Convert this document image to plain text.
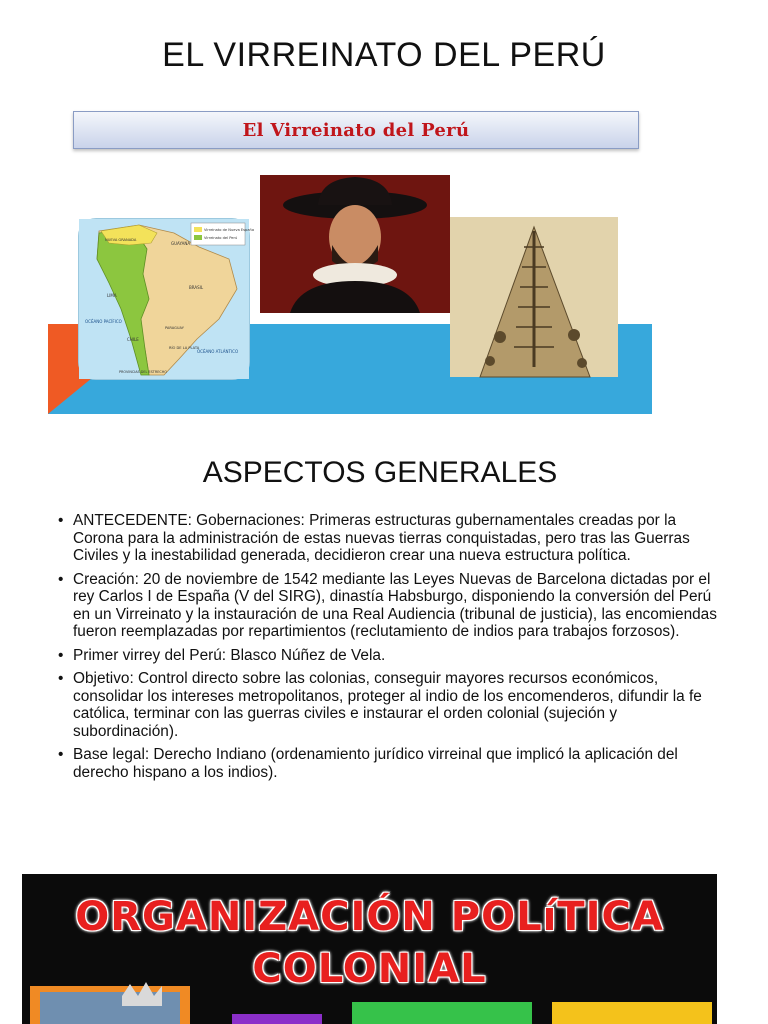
EL VIRREINATO DEL PERÚ
El Virreinato del Perú
Virreinato de Nueva España
Virreinato del Perú
GUAYANA
NUEVA GRANADA
LIMA
CHILE
OCÉANO PACÍFICO
OCÉANO ATLÁNTICO
BRASIL
PARAGUAY
RÍO DE LA PLATA
PROVINCIAS DEL ESTRECHO
ASPECTOS GENERALES
• ANTECEDENTE: Gobernaciones: Primeras estructuras gubernamentales creadas por la Corona para la administración de estas nuevas tierras conquistadas, pero tras las Guerras Civiles y la inestabilidad generada, decidieron crear una nueva estructura política.
• Creación: 20 de noviembre de 1542 mediante las Leyes Nuevas de Barcelona dictadas por el rey Carlos I de España (V del SIRG), dinastía Habsburgo, disponiendo la conversión del Perú en un Virreinato y la instauración de una Real Audiencia (tribunal de justicia), las encomiendas fueron reemplazadas por repartimientos (reclutamiento de indios para trabajos forzosos).
• Primer virrey del Perú: Blasco Núñez de Vela.
• Objetivo: Control directo sobre las colonias, conseguir mayores recursos económicos, consolidar los intereses metropolitanos, proteger al indio de los encomenderos, difundir la fe católica, terminar con las guerras civiles e instaurar el orden colonial (sujeción y subordinación).
• Base legal: Derecho Indiano (ordenamiento jurídico virreinal que implicó la aplicación del derecho hispano a los indios).
ORGANIZACIÓN POLíTICA
COLONIAL
